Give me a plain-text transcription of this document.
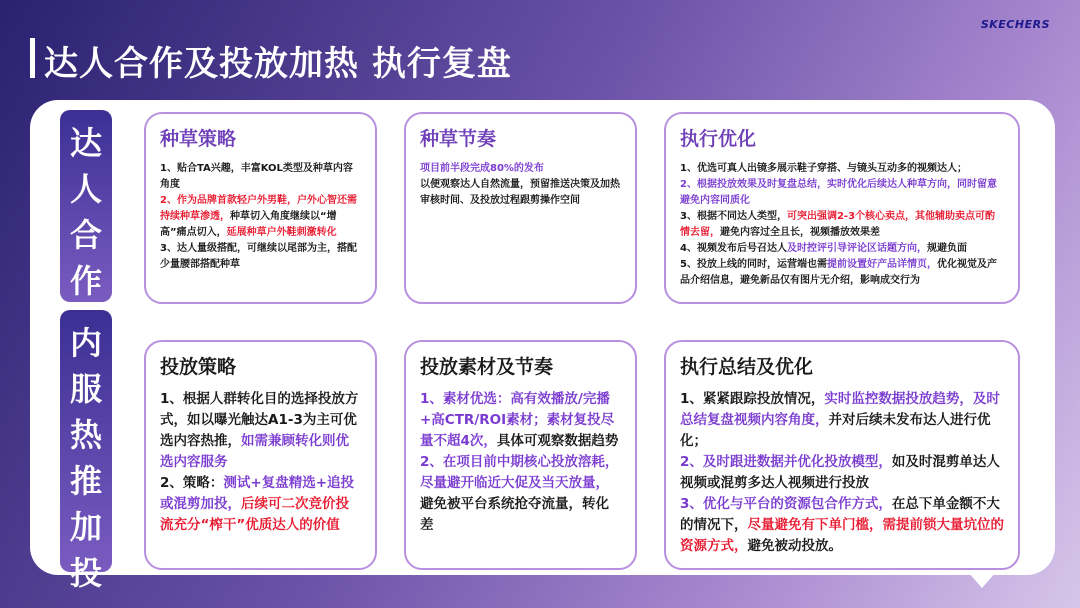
达人合作及投放加热 执行复盘
SKECHERS
达
人
合
作
内
服
热
推
加
投
种草策略

1、贴合TA兴趣，丰富KOL类型及种草内容角度
2、作为品牌首款轻户外男鞋，户外心智还需持续种草渗透，种草切入角度继续以“增高”痛点切入，延展种草户外鞋刺激转化
3、达人量级搭配，可继续以尾部为主，搭配少量腰部搭配种草

种草节奏

项目前半段完成80%的发布
以便观察达人自然流量，预留推送决策及加热审核时间、及投放过程跟剪操作空间

执行优化

1、优选可真人出镜多展示鞋子穿搭、与镜头互动多的视频达人；
2、根据投放效果及时复盘总结，实时优化后续达人种草方向，同时留意避免内容同质化
3、根据不同达人类型，可突出强调2-3个核心卖点，其他辅助卖点可酌情去留，避免内容过全且长，视频播放效果差
4、视频发布后号召达人及时控评引导评论区话题方向，规避负面
5、投放上线的同时，运营端也需提前设置好产品详情页，优化视觉及产品介绍信息，避免新品仅有图片无介绍，影响成交行为

投放策略

1、根据人群转化目的选择投放方式，如以曝光触达A1-3为主可优选内容热推，如需兼顾转化则优选内容服务
2、策略：测试+复盘精选+追投或混剪加投，后续可二次竞价投流充分“榨干”优质达人的价值

投放素材及节奏

1、素材优选：高有效播放/完播+高CTR/ROI素材；素材复投尽量不超4次，具体可观察数据趋势
2、在项目前中期核心投放溶耗，尽量避开临近大促及当天放量，避免被平台系统抢夺流量，转化差

执行总结及优化

1、紧紧跟踪投放情况，实时监控数据投放趋势，及时总结复盘视频内容角度，并对后续未发布达人进行优化；
2、及时跟进数据并优化投放模型，如及时混剪单达人视频或混剪多达人视频进行投放
3、优化与平台的资源包合作方式，在总下单金额不大的情况下，尽量避免有下单门槛，需提前锁大量坑位的资源方式，避免被动投放。
